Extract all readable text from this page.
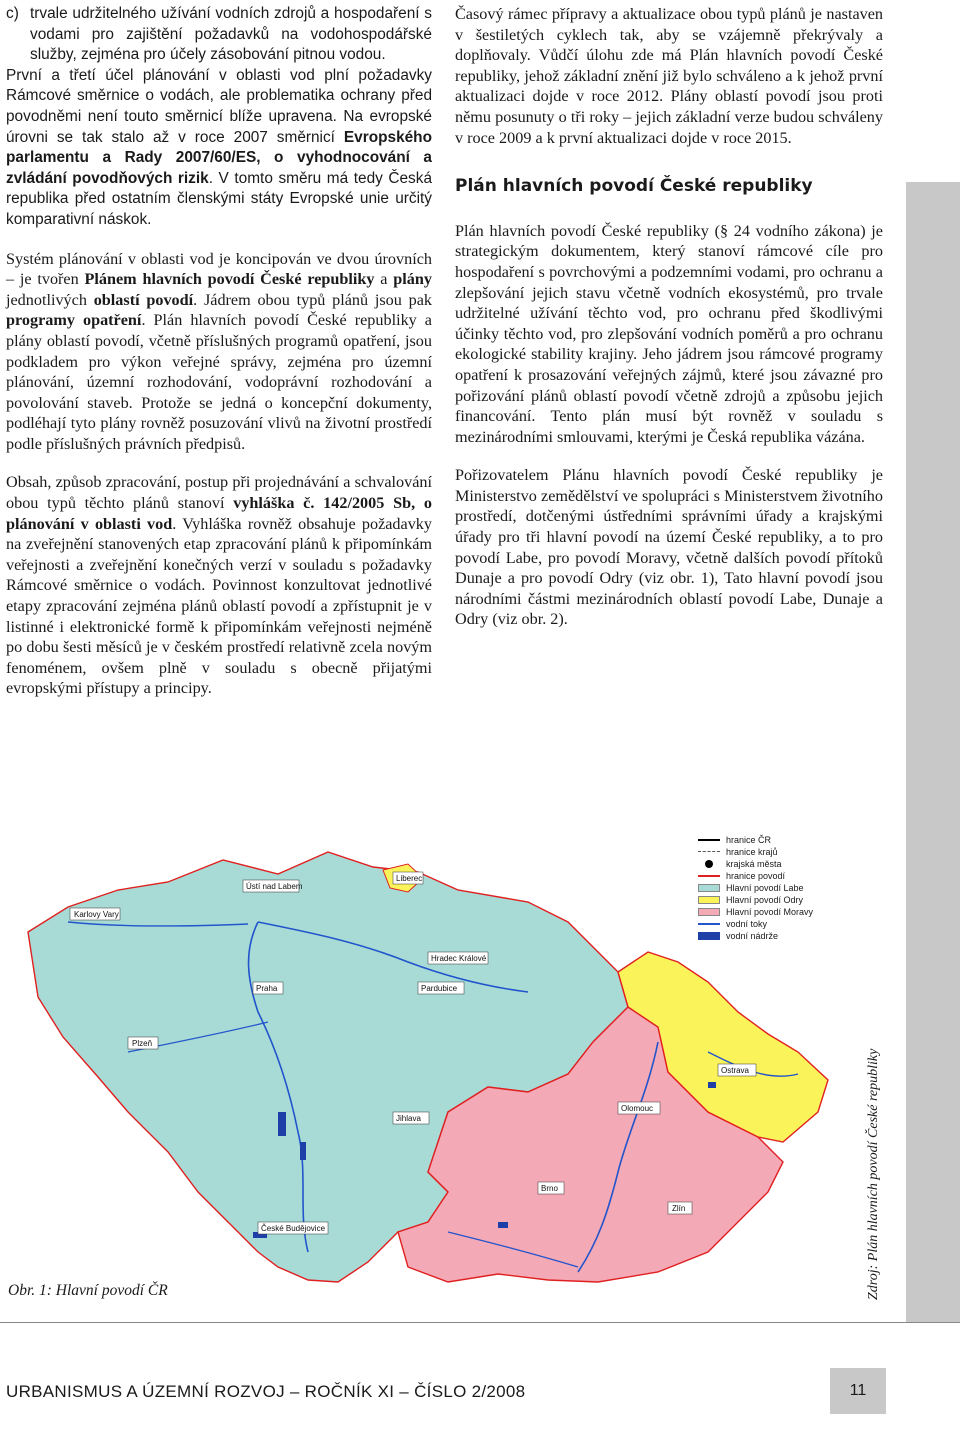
c) trvale udržitelného užívání vodních zdrojů a hospodaření s vodami pro zajištění požadavků na vodohospodářské služby, zejména pro účely zásobování pitnou vodou.

První a třetí účel plánování v oblasti vod plní požadavky Rámcové směrnice o vodách, ale problematika ochrany před povodněmi není touto směrnicí blíže upravena. Na evropské úrovni se tak stalo až v roce 2007 směrnicí Evropského parlamentu a Rady 2007/60/ES, o vyhodnocování a zvládání povodňových rizik. V tomto směru má tedy Česká republika před ostatním členskými státy Evropské unie určitý komparativní náskok.

Systém plánování v oblasti vod je koncipován ve dvou úrovních – je tvořen Plánem hlavních povodí České republiky a plány jednotlivých oblastí povodí. Jádrem obou typů plánů jsou pak programy opatření. Plán hlavních povodí České republiky a plány oblastí povodí, včetně příslušných programů opatření, jsou podkladem pro výkon veřejné správy, zejména pro územní plánování, územní rozhodování, vodoprávní rozhodování a povolování staveb. Protože se jedná o koncepční dokumenty, podléhají tyto plány rovněž posuzování vlivů na životní prostředí podle příslušných právních předpisů.

Obsah, způsob zpracování, postup při projednávání a schvalování obou typů těchto plánů stanoví vyhláška č. 142/2005 Sb, o plánování v oblasti vod. Vyhláška rovněž obsahuje požadavky na zveřejnění stanovených etap zpracování plánů k připomínkám veřejnosti a zveřejnění konečných verzí v souladu s požadavky Rámcové směrnice o vodách. Povinnost konzultovat jednotlivé etapy zpracování zejména plánů oblastí povodí a zpřístupnit je v listinné i elektronické formě k připomínkám veřejnosti nejméně po dobu šesti měsíců je v českém prostředí relativně zcela novým fenoménem, ovšem plně v souladu s obecně přijatými evropskými přístupy a principy.

Časový rámec přípravy a aktualizace obou typů plánů je nastaven v šestiletých cyklech tak, aby se vzájemně překrývaly a doplňovaly. Vůdčí úlohu zde má Plán hlavních povodí České republiky, jehož základní znění již bylo schváleno a k jehož první aktualizaci dojde v roce 2012. Plány oblastí povodí jsou proti němu posunuty o tři roky – jejich základní verze budou schváleny v roce 2009 a k první aktualizaci dojde v roce 2015.

Plán hlavních povodí České republiky

Plán hlavních povodí České republiky (§ 24 vodního zákona) je strategickým dokumentem, který stanoví rámcové cíle pro hospodaření s povrchovými a podzemními vodami, pro ochranu a zlepšování jejich stavu včetně vodních ekosystémů, pro trvale udržitelné užívání těchto vod, pro ochranu před škodlivými účinky těchto vod, pro zlepšování vodních poměrů a pro ochranu ekologické stability krajiny. Jeho jádrem jsou rámcové programy opatření k prosazování veřejných zájmů, které jsou závazné pro pořizování plánů oblastí povodí včetně zdrojů a způsobu jejich financování. Tento plán musí být rovněž v souladu s mezinárodními smlouvami, kterými je Česká republika vázána.

Pořizovatelem Plánu hlavních povodí České republiky je Ministerstvo zemědělství ve spolupráci s Ministerstvem životního prostředí, dotčenými ústředními správními úřady a krajskými úřady pro tři hlavní povodí na území České republiky, a to pro povodí Labe, pro povodí Moravy, včetně dalších povodí přítoků Dunaje a pro povodí Odry (viz obr. 1), Tato hlavní povodí jsou národními částmi mezinárodních oblastí povodí Labe, Dunaje a Odry (viz obr. 2).

Karlovy Vary
Ústí nad Labem
Liberec
Praha
Plzeň
Hradec Králové
Pardubice
Jihlava
České Budějovice
Brno
Olomouc
Ostrava
Zlín
hranice ČR
hranice krajů
krajská města
hranice povodí
Hlavní povodí Labe
Hlavní povodí Odry
Hlavní povodí Moravy
vodní toky
vodní nádrže
Obr. 1: Hlavní povodí ČR	Zdroj: Plán hlavních povodí České republiky
URBANISMUS A ÚZEMNÍ ROZVOJ – ROČNÍK XI – ČÍSLO 2/2008	11
